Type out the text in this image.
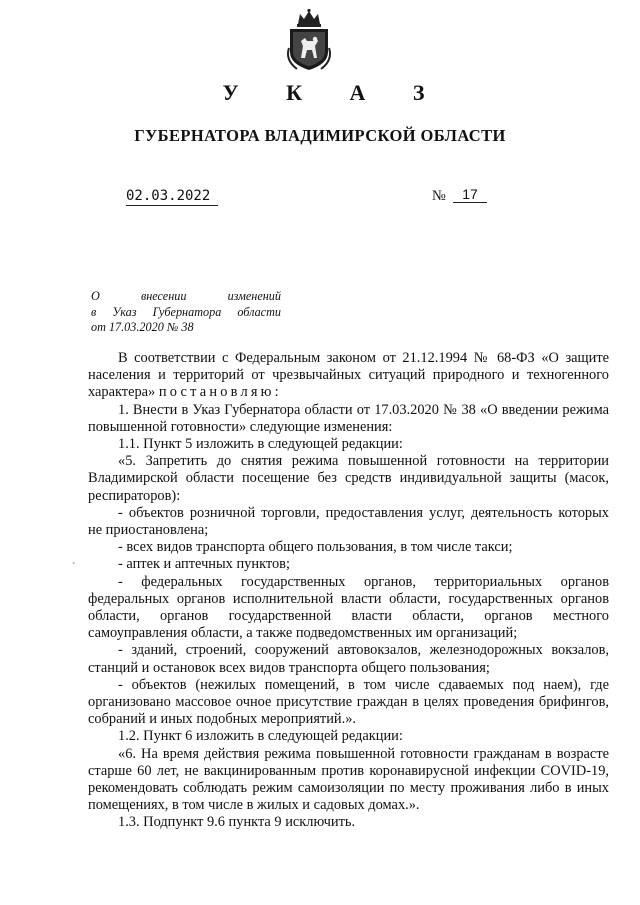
У К А З
ГУБЕРНАТОРА ВЛАДИМИРСКОЙ ОБЛАСТИ
02.03.2022	№	17
О внесении изменений
в Указ Губернатора области
от 17.03.2020 № 38
`

В соответствии с Федеральным законом от 21.12.1994 № 68-ФЗ «О защите населения и территорий от чрезвычайных ситуаций природного и техногенного характера» постановляю:

1. Внести в Указ Губернатора области от 17.03.2020 № 38 «О введении режима повышенной готовности» следующие изменения:

1.1. Пункт 5 изложить в следующей редакции:

«5. Запретить до снятия режима повышенной готовности на территории Владимирской области посещение без средств индивидуальной защиты (масок, респираторов):

- объектов розничной торговли, предоставления услуг, деятельность которых не приостановлена;

- всех видов транспорта общего пользования, в том числе такси;

- аптек и аптечных пунктов;

- федеральных государственных органов, территориальных органов федеральных органов исполнительной власти области, государственных органов области, органов государственной власти области, органов местного самоуправления области, а также подведомственных им организаций;

- зданий, строений, сооружений автовокзалов, железнодорожных вокзалов, станций и остановок всех видов транспорта общего пользования;

- объектов (нежилых помещений, в том числе сдаваемых под наем), где организовано массовое очное присутствие граждан в целях проведения брифингов, собраний и иных подобных мероприятий.».

1.2. Пункт 6 изложить в следующей редакции:

«6. На время действия режима повышенной готовности гражданам в возрасте старше 60 лет, не вакцинированным против коронавирусной инфекции COVID-19, рекомендовать соблюдать режим самоизоляции по месту проживания либо в иных помещениях, в том числе в жилых и садовых домах.».

1.3. Подпункт 9.6 пункта 9 исключить.
